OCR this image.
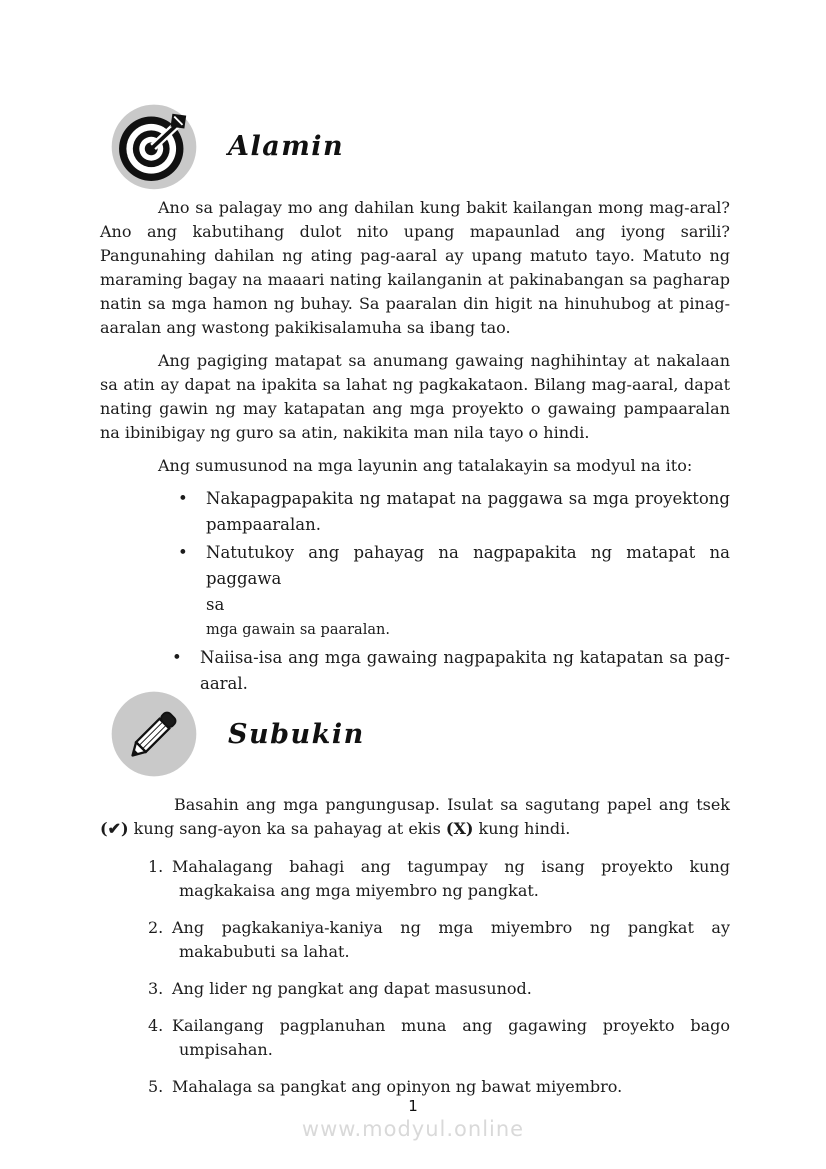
Alamin

Ano sa palagay mo ang dahilan kung bakit kailangan mong mag-aral? Ano ang kabutihang dulot nito upang mapaunlad ang iyong sarili? Pangunahing dahilan ng ating pag-aaral ay upang matuto tayo. Matuto ng maraming bagay na maaari nating kailanganin at pakinabangan sa pagharap natin sa mga hamon ng buhay. Sa paaralan din higit na hinuhubog at pinag-aaralan ang wastong pakikisalamuha sa ibang tao.

Ang pagiging matapat sa anumang gawaing naghihintay at nakalaan sa atin ay dapat na ipakita sa lahat ng pagkakataon. Bilang mag-aaral, dapat nating gawin ng may katapatan ang mga proyekto o gawaing pampaaralan na ibinibigay ng guro sa atin, nakikita man nila tayo o hindi.

Ang sumusunod na mga layunin ang tatalakayin sa modyul na ito:

•	Nakapagpapakita ng matapat na paggawa sa mga proyektong pampaaralan.
•	Natutukoy ang pahayag na nagpapakita ng matapat na paggawa
sa
mga gawain sa paaralan.
•	Naiisa-isa ang mga gawaing nagpapakita ng katapatan sa pag-aaral.
Subukin

Basahin ang mga pangungusap. Isulat sa sagutang papel ang tsek (✔) kung sang-ayon ka sa pahayag at ekis (X) kung hindi.

1. Mahalagang bahagi ang tagumpay ng isang proyekto kung magkakaisa ang mga miyembro ng pangkat.
2. Ang pagkakaniya-kaniya ng mga miyembro ng pangkat ay makabubuti sa lahat.
3. Ang lider ng pangkat ang dapat masusunod.
4. Kailangang pagplanuhan muna ang gagawing proyekto bago umpisahan.
5. Mahalaga sa pangkat ang opinyon ng bawat miyembro.
1
www.modyul.online
